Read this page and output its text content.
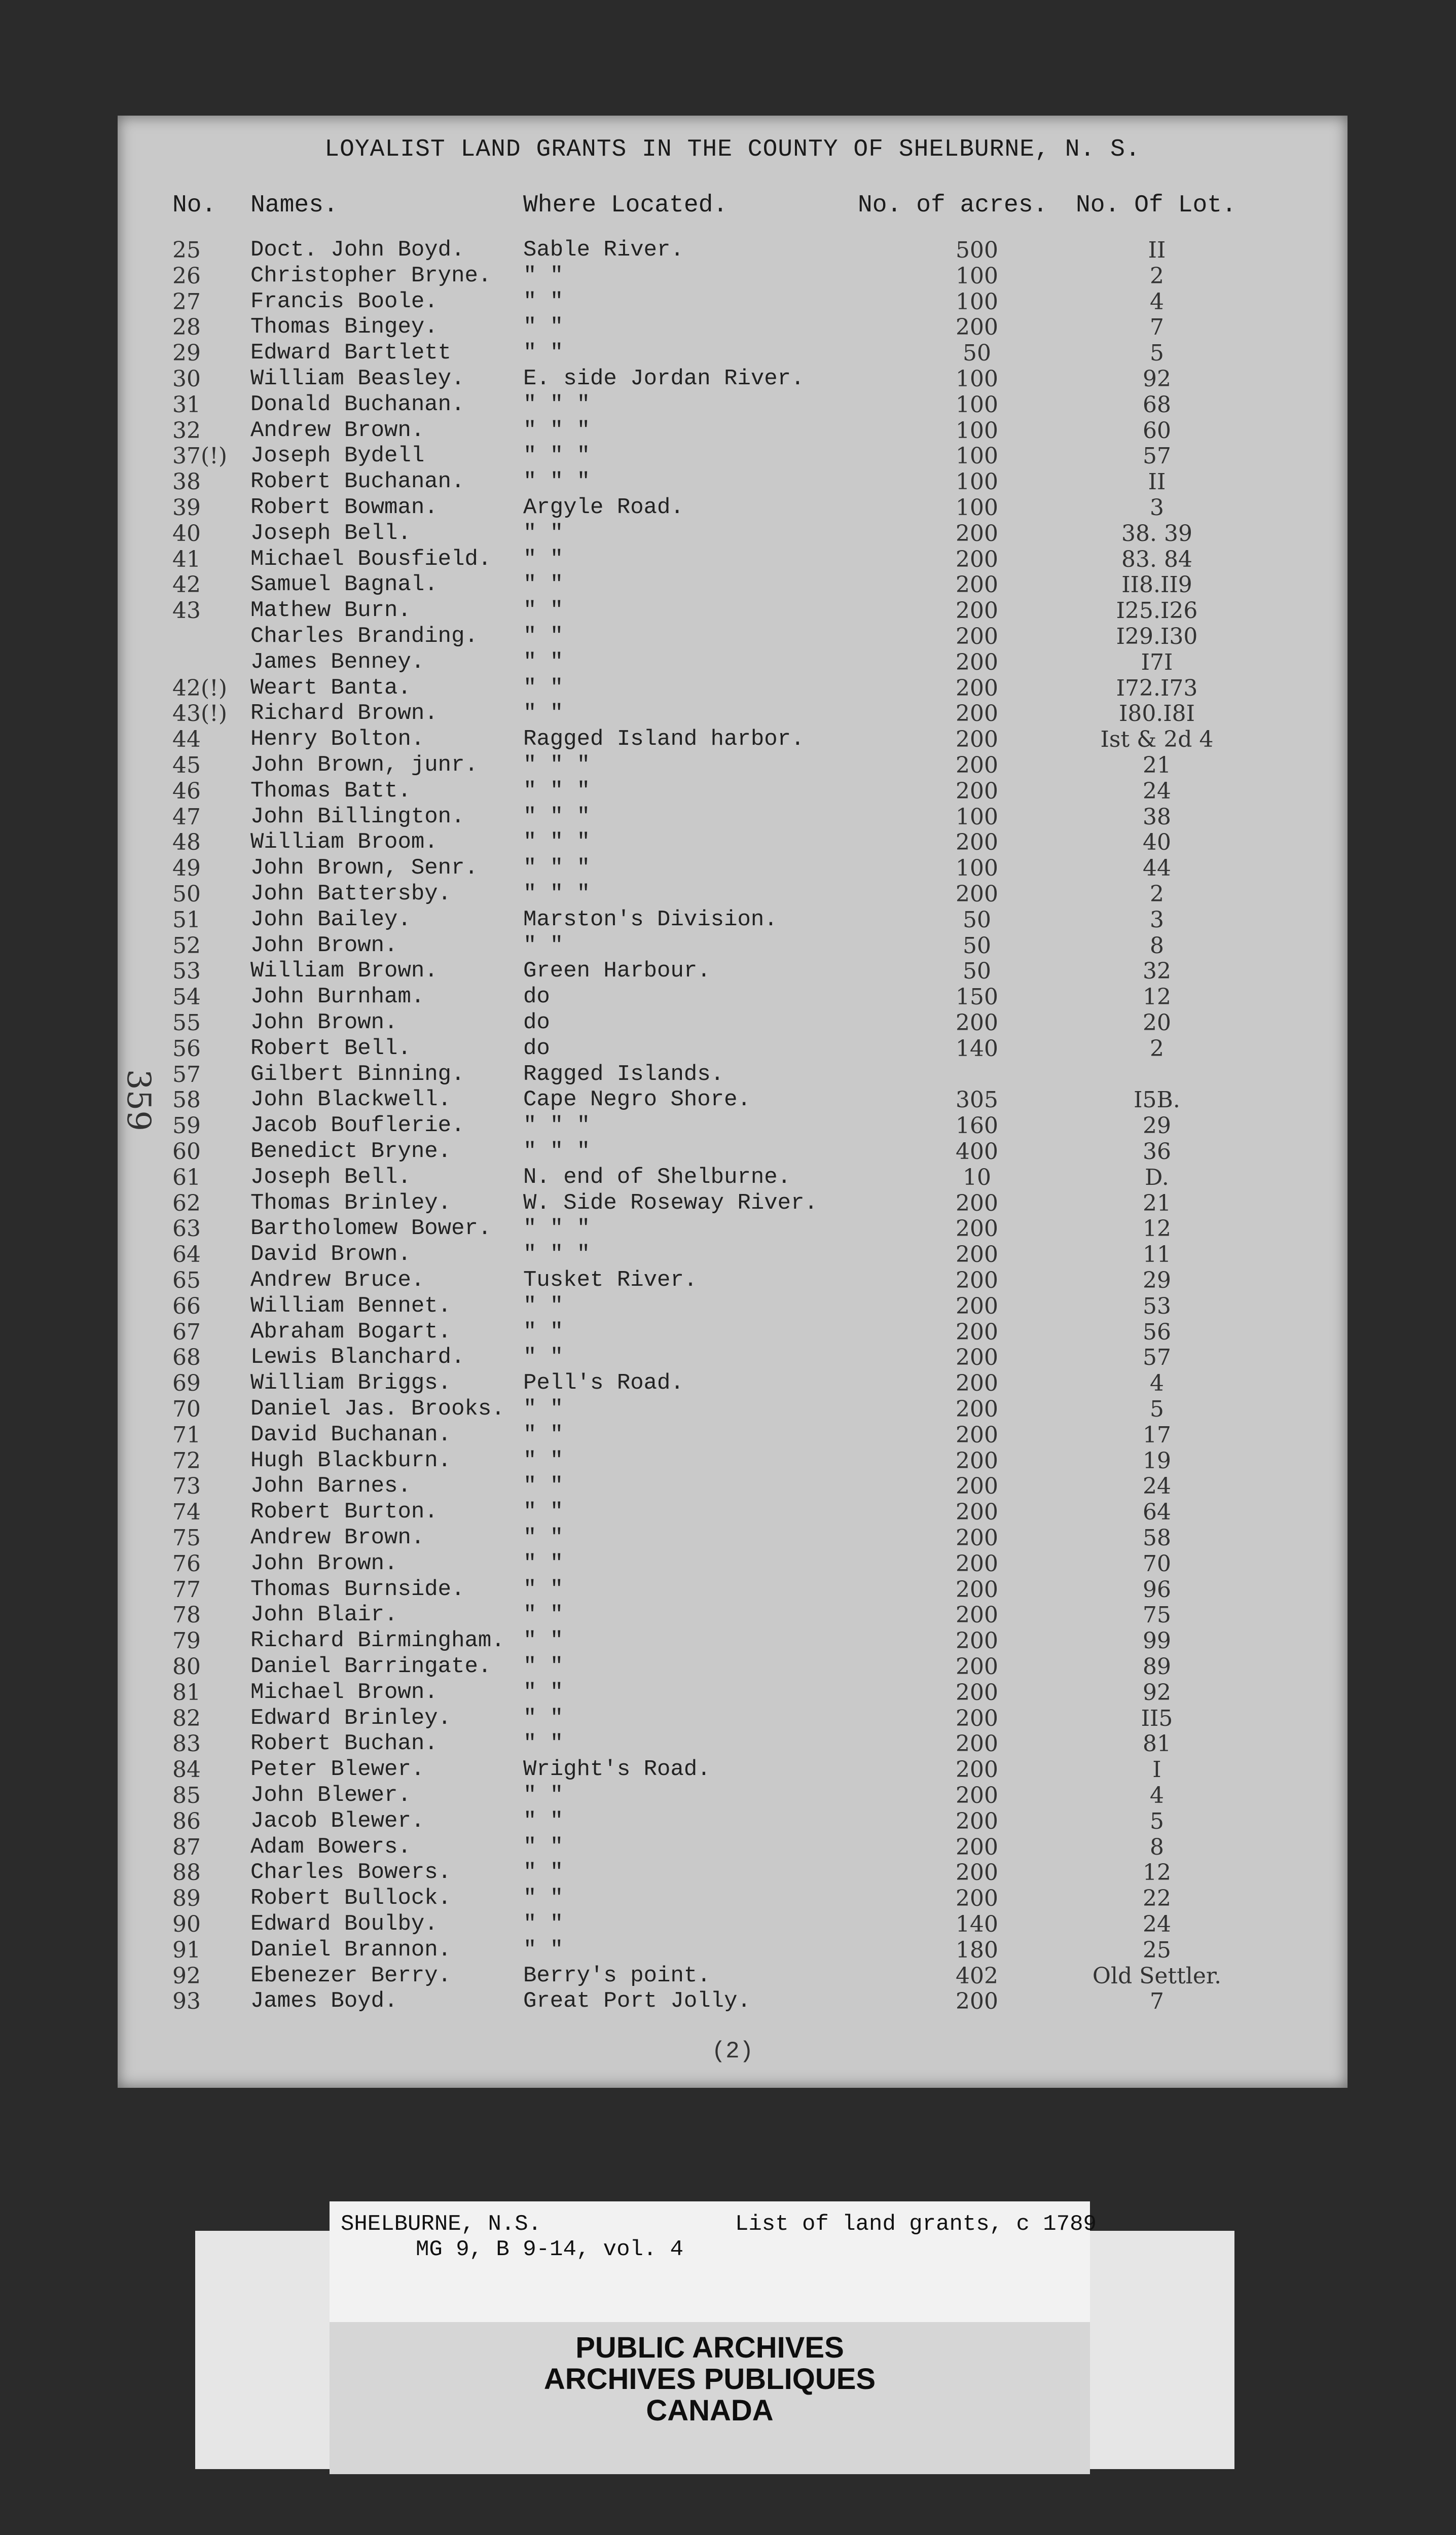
LOYALIST LAND GRANTS IN THE COUNTY OF SHELBURNE, N. S.
No. Names.	Where Located.	No. of acres. No. Of Lot.
25 Doct. John Boyd.	Sable River.	500	II
26 Christopher Bryne. " "	100	2
27 Francis Boole.	" "	100	4
28 Thomas Bingey.	" "	200	7
29 Edward Bartlett	" "	50	5
30 William Beasley.	E. side Jordan River.	100	92
31 Donald Buchanan.	" " "	100	68
32 Andrew Brown.	" " "	100	60
37(!) Joseph Bydell	" " "	100	57
38 Robert Buchanan.	" " "	100	II
39 Robert Bowman.	Argyle Road.	100	3
40 Joseph Bell.	" "	200	38. 39
41 Michael Bousfield. " "	200	83. 84
42 Samuel Bagnal.	" "	200	II8.II9
43 Mathew Burn.	" "	200	I25.I26
Charles Branding. " "	200	I29.I30
James Benney.	" "	200	I7I
42(!) Weart Banta.	" "	200	I72.I73
43(!) Richard Brown.	" "	200	I80.I8I
44 Henry Bolton.	Ragged Island harbor.	200	Ist & 2d 4
45 John Brown, junr. " " "	200	21
46 Thomas Batt.	" " "	200	24
47 John Billington.	" " "	100	38
48 William Broom.	" " "	200	40
49 John Brown, Senr. " " "	100	44
50 John Battersby.	" " "	200	2
51 John Bailey.	Marston's Division.	50	3
52 John Brown.	" "	50	8
53 William Brown.	Green Harbour.	50	32
54 John Burnham.	do	150	12
55 John Brown.	do	200	20
56 Robert Bell.	do	140	2
57 Gilbert Binning.	Ragged Islands.
58 John Blackwell.	Cape Negro Shore.	305	I5B.
59 Jacob Bouflerie.	" " "	160	29
60 Benedict Bryne.	" " "	400	36
61 Joseph Bell.	N. end of Shelburne.	10	D.
62 Thomas Brinley.	W. Side Roseway River.	200	21
63 Bartholomew Bower. " " "	200	12
64 David Brown.	" " "	200	11
65 Andrew Bruce.	Tusket River.	200	29
66 William Bennet.	" "	200	53
67 Abraham Bogart.	" "	200	56
68 Lewis Blanchard.	" "	200	57
69 William Briggs.	Pell's Road.	200	4
70 Daniel Jas. Brooks. " "	200	5
71 David Buchanan.	" "	200	17
72 Hugh Blackburn.	" "	200	19
73 John Barnes.	" "	200	24
74 Robert Burton.	" "	200	64
75 Andrew Brown.	" "	200	58
76 John Brown.	" "	200	70
77 Thomas Burnside.	" "	200	96
78 John Blair.	" "	200	75
79 Richard Birmingham. " "	200	99
80 Daniel Barringate. " "	200	89
81 Michael Brown.	" "	200	92
82 Edward Brinley.	" "	200	II5
83 Robert Buchan.	" "	200	81
84 Peter Blewer.	Wright's Road.	200	I
85 John Blewer.	" "	200	4
86 Jacob Blewer.	" "	200	5
87 Adam Bowers.	" "	200	8
88 Charles Bowers.	" "	200	12
89 Robert Bullock.	" "	200	22
90 Edward Boulby.	" "	140	24
91 Daniel Brannon.	" "	180	25
92 Ebenezer Berry.	Berry's point.	402	Old Settler.
93 James Boyd.	Great Port Jolly.	200	7
(2)
359
SHELBURNE, N.S.
MG 9, B 9-14, vol. 4
List of land grants, c 1789
PUBLIC ARCHIVES
ARCHIVES PUBLIQUES
CANADA
